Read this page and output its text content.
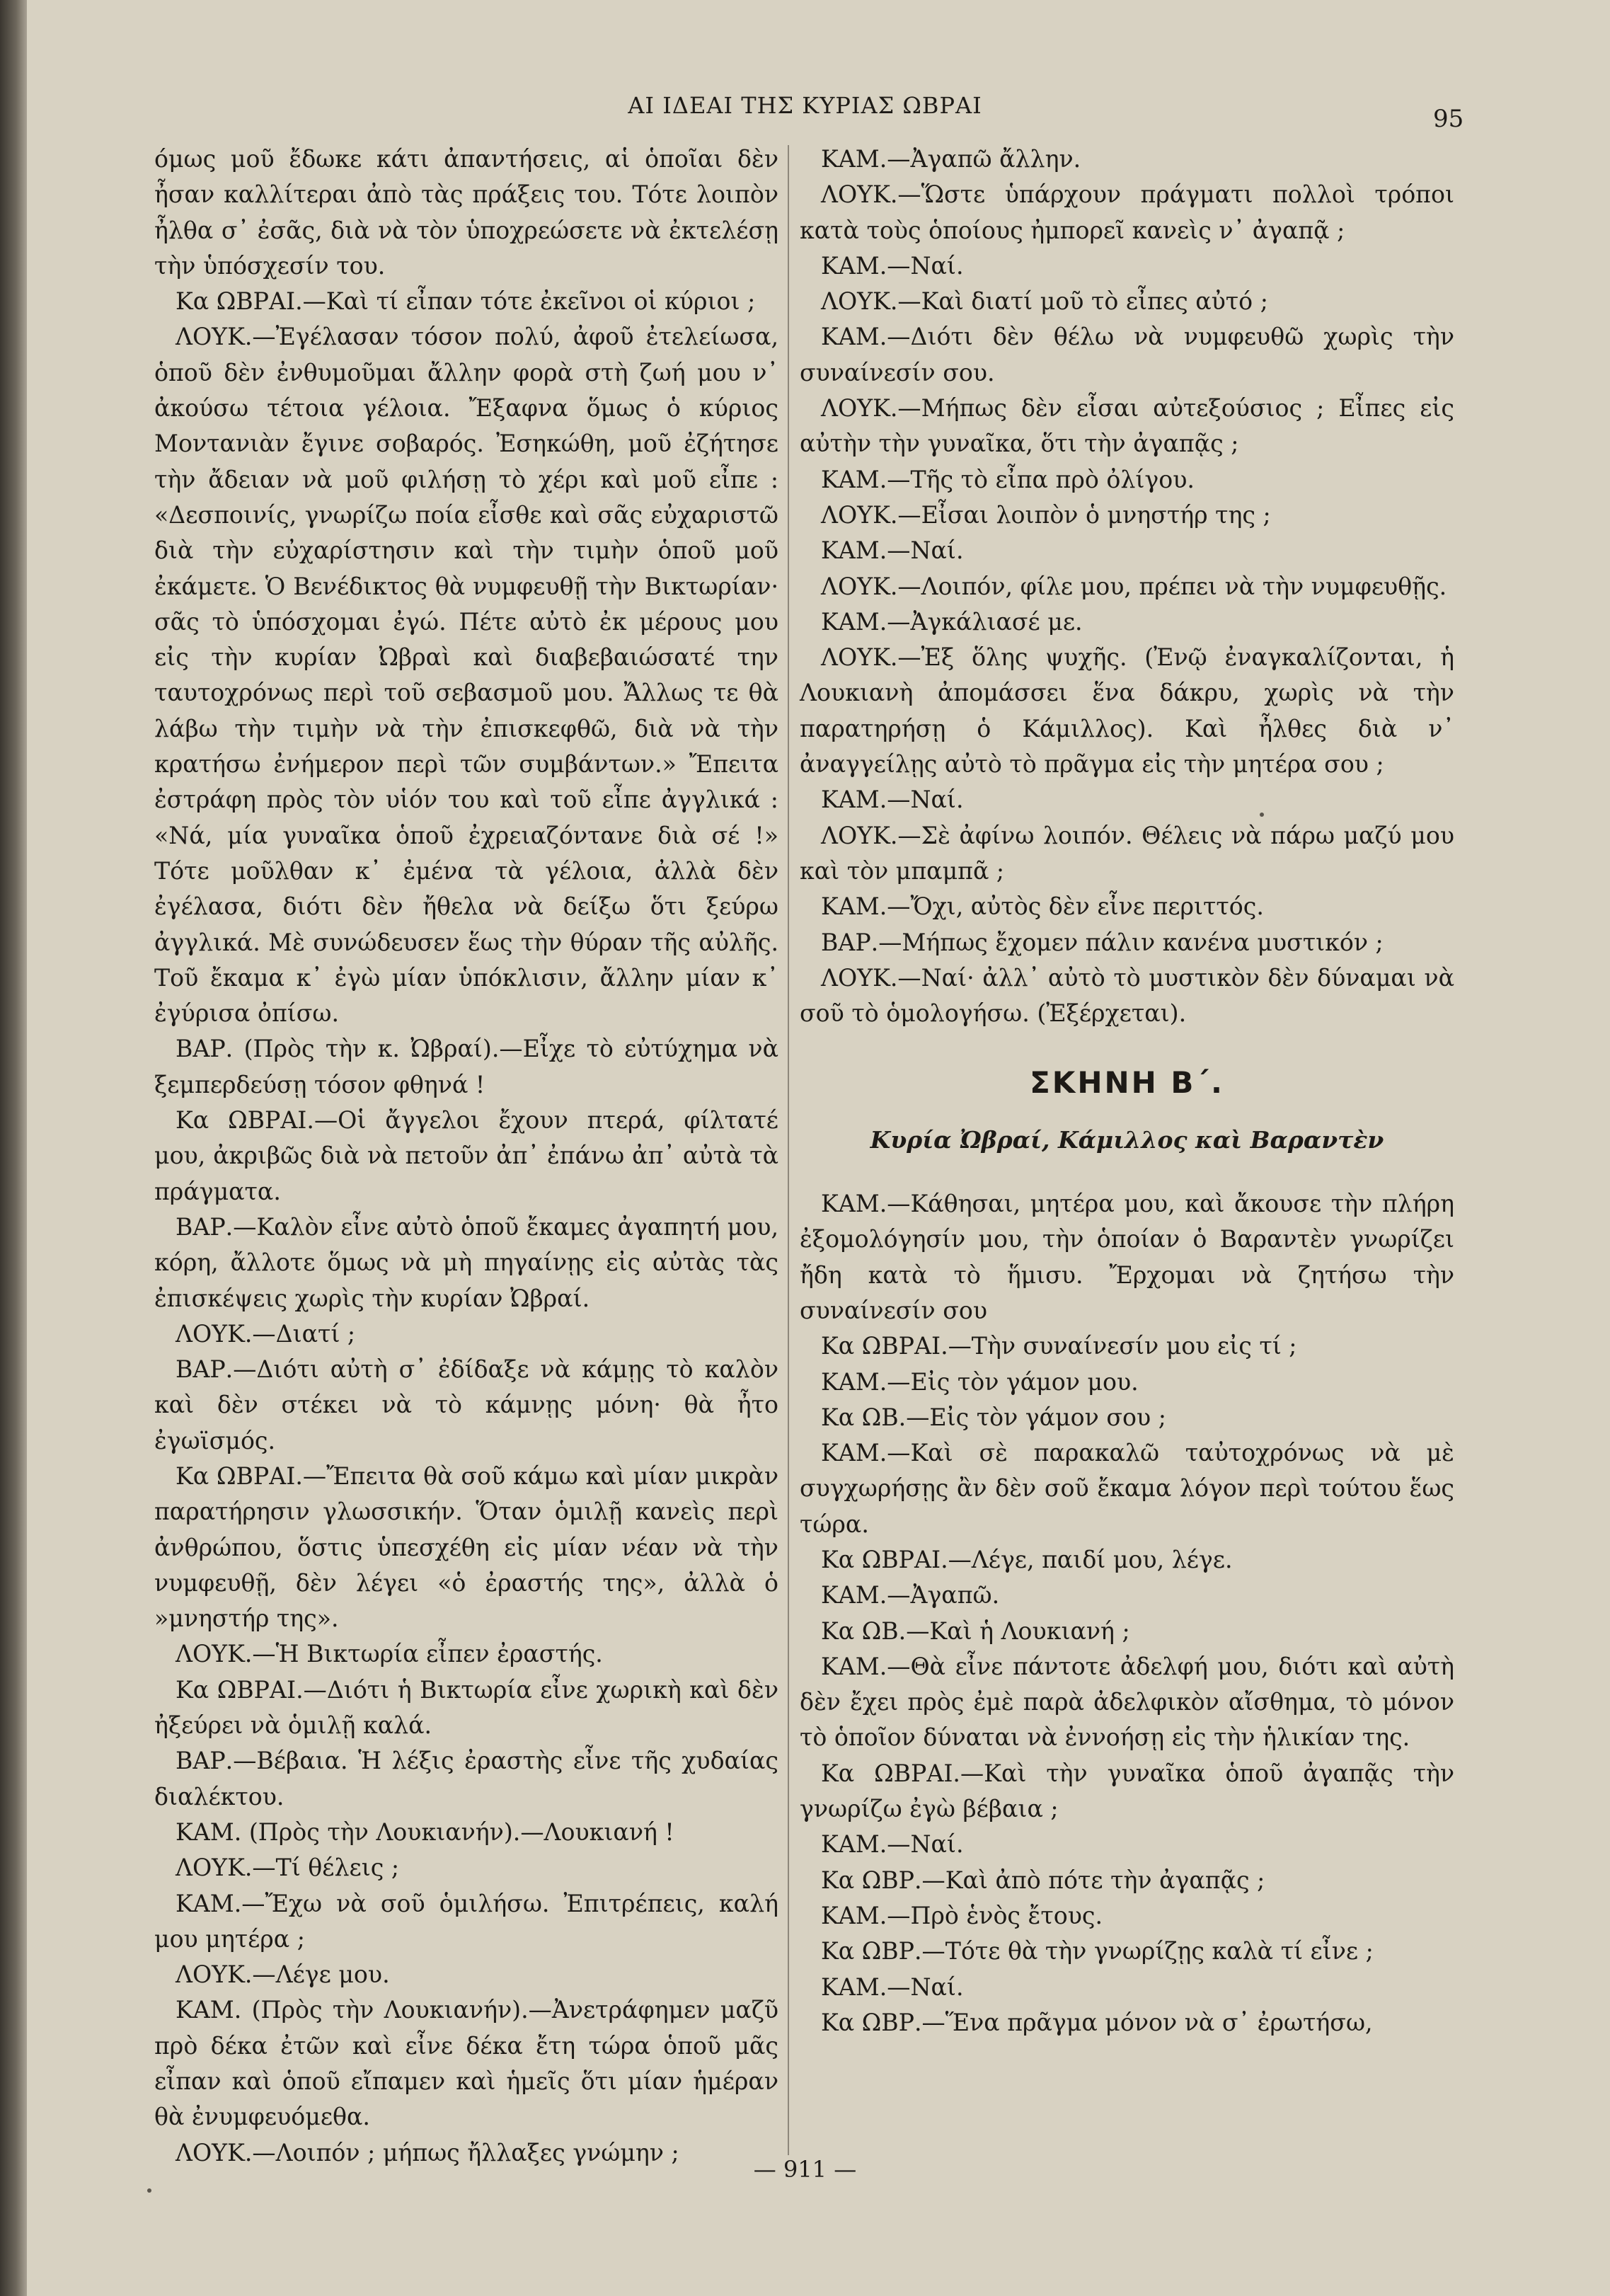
ΑΙ ΙΔΕΑΙ ΤΗΣ ΚΥΡΙΑΣ ΩΒΡΑΙ	95

όμως μοῦ ἔδωκε κάτι ἀπαντήσεις, αἱ ὁποῖαι δὲν ἦσαν καλλίτεραι ἀπὸ τὰς πράξεις του. Τότε λοιπὸν ἦλθα σ᾽ ἐσᾶς, διὰ νὰ τὸν ὑποχρεώσετε νὰ ἐκτελέσῃ τὴν ὑπόσχεσίν του.

Κα ΩΒΡΑΙ.—Καὶ τί εἶπαν τότε ἐκεῖνοι οἱ κύριοι ;

ΛΟΥΚ.—Ἐγέλασαν τόσον πολύ, ἀφοῦ ἐτελείωσα, ὁποῦ δὲν ἐνθυμοῦμαι ἄλλην φορὰ στὴ ζωή μου ν᾽ ἀκούσω τέτοια γέλοια. Ἔξαφνα ὅμως ὁ κύριος Μοντανιὰν ἔγινε σοβαρός. Ἐσηκώθη, μοῦ ἐζήτησε τὴν ἄδειαν νὰ μοῦ φιλήσῃ τὸ χέρι καὶ μοῦ εἶπε : «Δεσποινίς, γνωρίζω ποία εἶσθε καὶ σᾶς εὐχαριστῶ διὰ τὴν εὐχαρίστησιν καὶ τὴν τιμὴν ὁποῦ μοῦ ἐκάμετε. Ὁ Βενέδικτος θὰ νυμφευθῇ τὴν Βικτωρίαν· σᾶς τὸ ὑπόσχομαι ἐγώ. Πέτε αὐτὸ ἐκ μέρους μου εἰς τὴν κυρίαν Ὠβραὶ καὶ διαβεβαιώσατέ την ταυτοχρόνως περὶ τοῦ σεβασμοῦ μου. Ἄλλως τε θὰ λάβω τὴν τιμὴν νὰ τὴν ἐπισκεφθῶ, διὰ νὰ τὴν κρατήσω ἐνήμερον περὶ τῶν συμβάντων.» Ἔπειτα ἐστράφη πρὸς τὸν υἱόν του καὶ τοῦ εἶπε ἀγγλικά : «Νά, μία γυναῖκα ὁποῦ ἐχρειαζόντανε διὰ σέ !» Τότε μοῦλθαν κ᾽ ἐμένα τὰ γέλοια, ἀλλὰ δὲν ἐγέλασα, διότι δὲν ἤθελα νὰ δείξω ὅτι ξεύρω ἀγγλικά. Μὲ συνώδευσεν ἕως τὴν θύραν τῆς αὐλῆς. Τοῦ ἔκαμα κ᾽ ἐγὼ μίαν ὑπόκλισιν, ἄλλην μίαν κ᾽ ἐγύρισα ὀπίσω.

ΒΑΡ. (Πρὸς τὴν κ. Ὠβραί).—Εἶχε τὸ εὐτύχημα νὰ ξεμπερδεύσῃ τόσον φθηνά !

Κα ΩΒΡΑΙ.—Οἱ ἄγγελοι ἔχουν πτερά, φίλτατέ μου, ἀκριβῶς διὰ νὰ πετοῦν ἀπ᾽ ἐπάνω ἀπ᾽ αὐτὰ τὰ πράγματα.

ΒΑΡ.—Καλὸν εἶνε αὐτὸ ὁποῦ ἔκαμες ἀγαπητή μου, κόρη, ἄλλοτε ὅμως νὰ μὴ πηγαίνῃς εἰς αὐτὰς τὰς ἐπισκέψεις χωρὶς τὴν κυρίαν Ὠβραί.

ΛΟΥΚ.—Διατί ;

ΒΑΡ.—Διότι αὐτὴ σ᾽ ἐδίδαξε νὰ κάμῃς τὸ καλὸν καὶ δὲν στέκει νὰ τὸ κάμνῃς μόνη· θὰ ἦτο ἐγωϊσμός.

Κα ΩΒΡΑΙ.—Ἔπειτα θὰ σοῦ κάμω καὶ μίαν μικρὰν παρατήρησιν γλωσσικήν. Ὅταν ὁμιλῇ κανεὶς περὶ ἀνθρώπου, ὅστις ὑπεσχέθη εἰς μίαν νέαν νὰ τὴν νυμφευθῇ, δὲν λέγει «ὁ ἐραστής της», ἀλλὰ ὁ »μνηστήρ της».

ΛΟΥΚ.—Ἡ Βικτωρία εἶπεν ἐραστής.

Κα ΩΒΡΑΙ.—Διότι ἡ Βικτωρία εἶνε χωρικὴ καὶ δὲν ἠξεύρει νὰ ὁμιλῇ καλά.

ΒΑΡ.—Βέβαια. Ἡ λέξις ἐραστὴς εἶνε τῆς χυδαίας διαλέκτου.

ΚΑΜ. (Πρὸς τὴν Λουκιανήν).—Λουκιανή !

ΛΟΥΚ.—Τί θέλεις ;

ΚΑΜ.—Ἔχω νὰ σοῦ ὁμιλήσω. Ἐπιτρέπεις, καλή μου μητέρα ;

ΛΟΥΚ.—Λέγε μου.

ΚΑΜ. (Πρὸς τὴν Λουκιανήν).—Ἀνετράφημεν μαζῦ πρὸ δέκα ἐτῶν καὶ εἶνε δέκα ἔτη τώρα ὁποῦ μᾶς εἶπαν καὶ ὁποῦ εἴπαμεν καὶ ἡμεῖς ὅτι μίαν ἡμέραν θὰ ἐνυμφευόμεθα.

ΛΟΥΚ.—Λοιπόν ; μήπως ἤλλαξες γνώμην ;

ΚΑΜ.—Ἀγαπῶ ἄλλην.

ΛΟΥΚ.—Ὥστε ὑπάρχουν πράγματι πολλοὶ τρόποι κατὰ τοὺς ὁποίους ἠμπορεῖ κανεὶς ν᾽ ἀγαπᾷ ;

ΚΑΜ.—Ναί.

ΛΟΥΚ.—Καὶ διατί μοῦ τὸ εἶπες αὐτό ;

ΚΑΜ.—Διότι δὲν θέλω νὰ νυμφευθῶ χωρὶς τὴν συναίνεσίν σου.

ΛΟΥΚ.—Μήπως δὲν εἶσαι αὐτεξούσιος ; Εἶπες εἰς αὐτὴν τὴν γυναῖκα, ὅτι τὴν ἀγαπᾷς ;

ΚΑΜ.—Τῆς τὸ εἶπα πρὸ ὀλίγου.

ΛΟΥΚ.—Εἶσαι λοιπὸν ὁ μνηστήρ της ;

ΚΑΜ.—Ναί.

ΛΟΥΚ.—Λοιπόν, φίλε μου, πρέπει νὰ τὴν νυμφευθῇς.

ΚΑΜ.—Ἀγκάλιασέ με.

ΛΟΥΚ.—Ἐξ ὅλης ψυχῆς. (Ἐνῷ ἐναγκαλίζονται, ἡ Λουκιανὴ ἀπομάσσει ἕνα δάκρυ, χωρὶς νὰ τὴν παρατηρήσῃ ὁ Κάμιλλος). Καὶ ἦλθες διὰ ν᾽ ἀναγγείλῃς αὐτὸ τὸ πρᾶγμα εἰς τὴν μητέρα σου ;

ΚΑΜ.—Ναί.

ΛΟΥΚ.—Σὲ ἀφίνω λοιπόν. Θέλεις νὰ πάρω μαζύ μου καὶ τὸν μπαμπᾶ ;

ΚΑΜ.—Ὄχι, αὐτὸς δὲν εἶνε περιττός.

ΒΑΡ.—Μήπως ἔχομεν πάλιν κανένα μυστικόν ;

ΛΟΥΚ.—Ναί· ἀλλ᾽ αὐτὸ τὸ μυστικὸν δὲν δύναμαι νὰ σοῦ τὸ ὁμολογήσω. (Ἐξέρχεται).

ΣΚΗΝΗ Β΄.
Κυρία Ὠβραί, Κάμιλλος καὶ Βαραντὲν

ΚΑΜ.—Κάθησαι, μητέρα μου, καὶ ἄκουσε τὴν πλήρη ἐξομολόγησίν μου, τὴν ὁποίαν ὁ Βαραντὲν γνωρίζει ἤδη κατὰ τὸ ἥμισυ. Ἔρχομαι νὰ ζητήσω τὴν συναίνεσίν σου

Κα ΩΒΡΑΙ.—Τὴν συναίνεσίν μου εἰς τί ;

ΚΑΜ.—Εἰς τὸν γάμον μου.

Κα ΩΒ.—Εἰς τὸν γάμον σου ;

ΚΑΜ.—Καὶ σὲ παρακαλῶ ταὐτοχρόνως νὰ μὲ συγχωρήσῃς ἂν δὲν σοῦ ἔκαμα λόγον περὶ τούτου ἕως τώρα.

Κα ΩΒΡΑΙ.—Λέγε, παιδί μου, λέγε.

ΚΑΜ.—Ἀγαπῶ.

Κα ΩΒ.—Καὶ ἡ Λουκιανή ;

ΚΑΜ.—Θὰ εἶνε πάντοτε ἀδελφή μου, διότι καὶ αὐτὴ δὲν ἔχει πρὸς ἐμὲ παρὰ ἀδελφικὸν αἴσθημα, τὸ μόνον τὸ ὁποῖον δύναται νὰ ἐννοήσῃ εἰς τὴν ἡλικίαν της.

Κα ΩΒΡΑΙ.—Καὶ τὴν γυναῖκα ὁποῦ ἀγαπᾷς τὴν γνωρίζω ἐγὼ βέβαια ;

ΚΑΜ.—Ναί.

Κα ΩΒΡ.—Καὶ ἀπὸ πότε τὴν ἀγαπᾷς ;

ΚΑΜ.—Πρὸ ἑνὸς ἔτους.

Κα ΩΒΡ.—Τότε θὰ τὴν γνωρίζῃς καλὰ τί εἶνε ;

ΚΑΜ.—Ναί.

Κα ΩΒΡ.—Ἕνα πρᾶγμα μόνον νὰ σ᾽ ἐρωτήσω,

— 911 —
